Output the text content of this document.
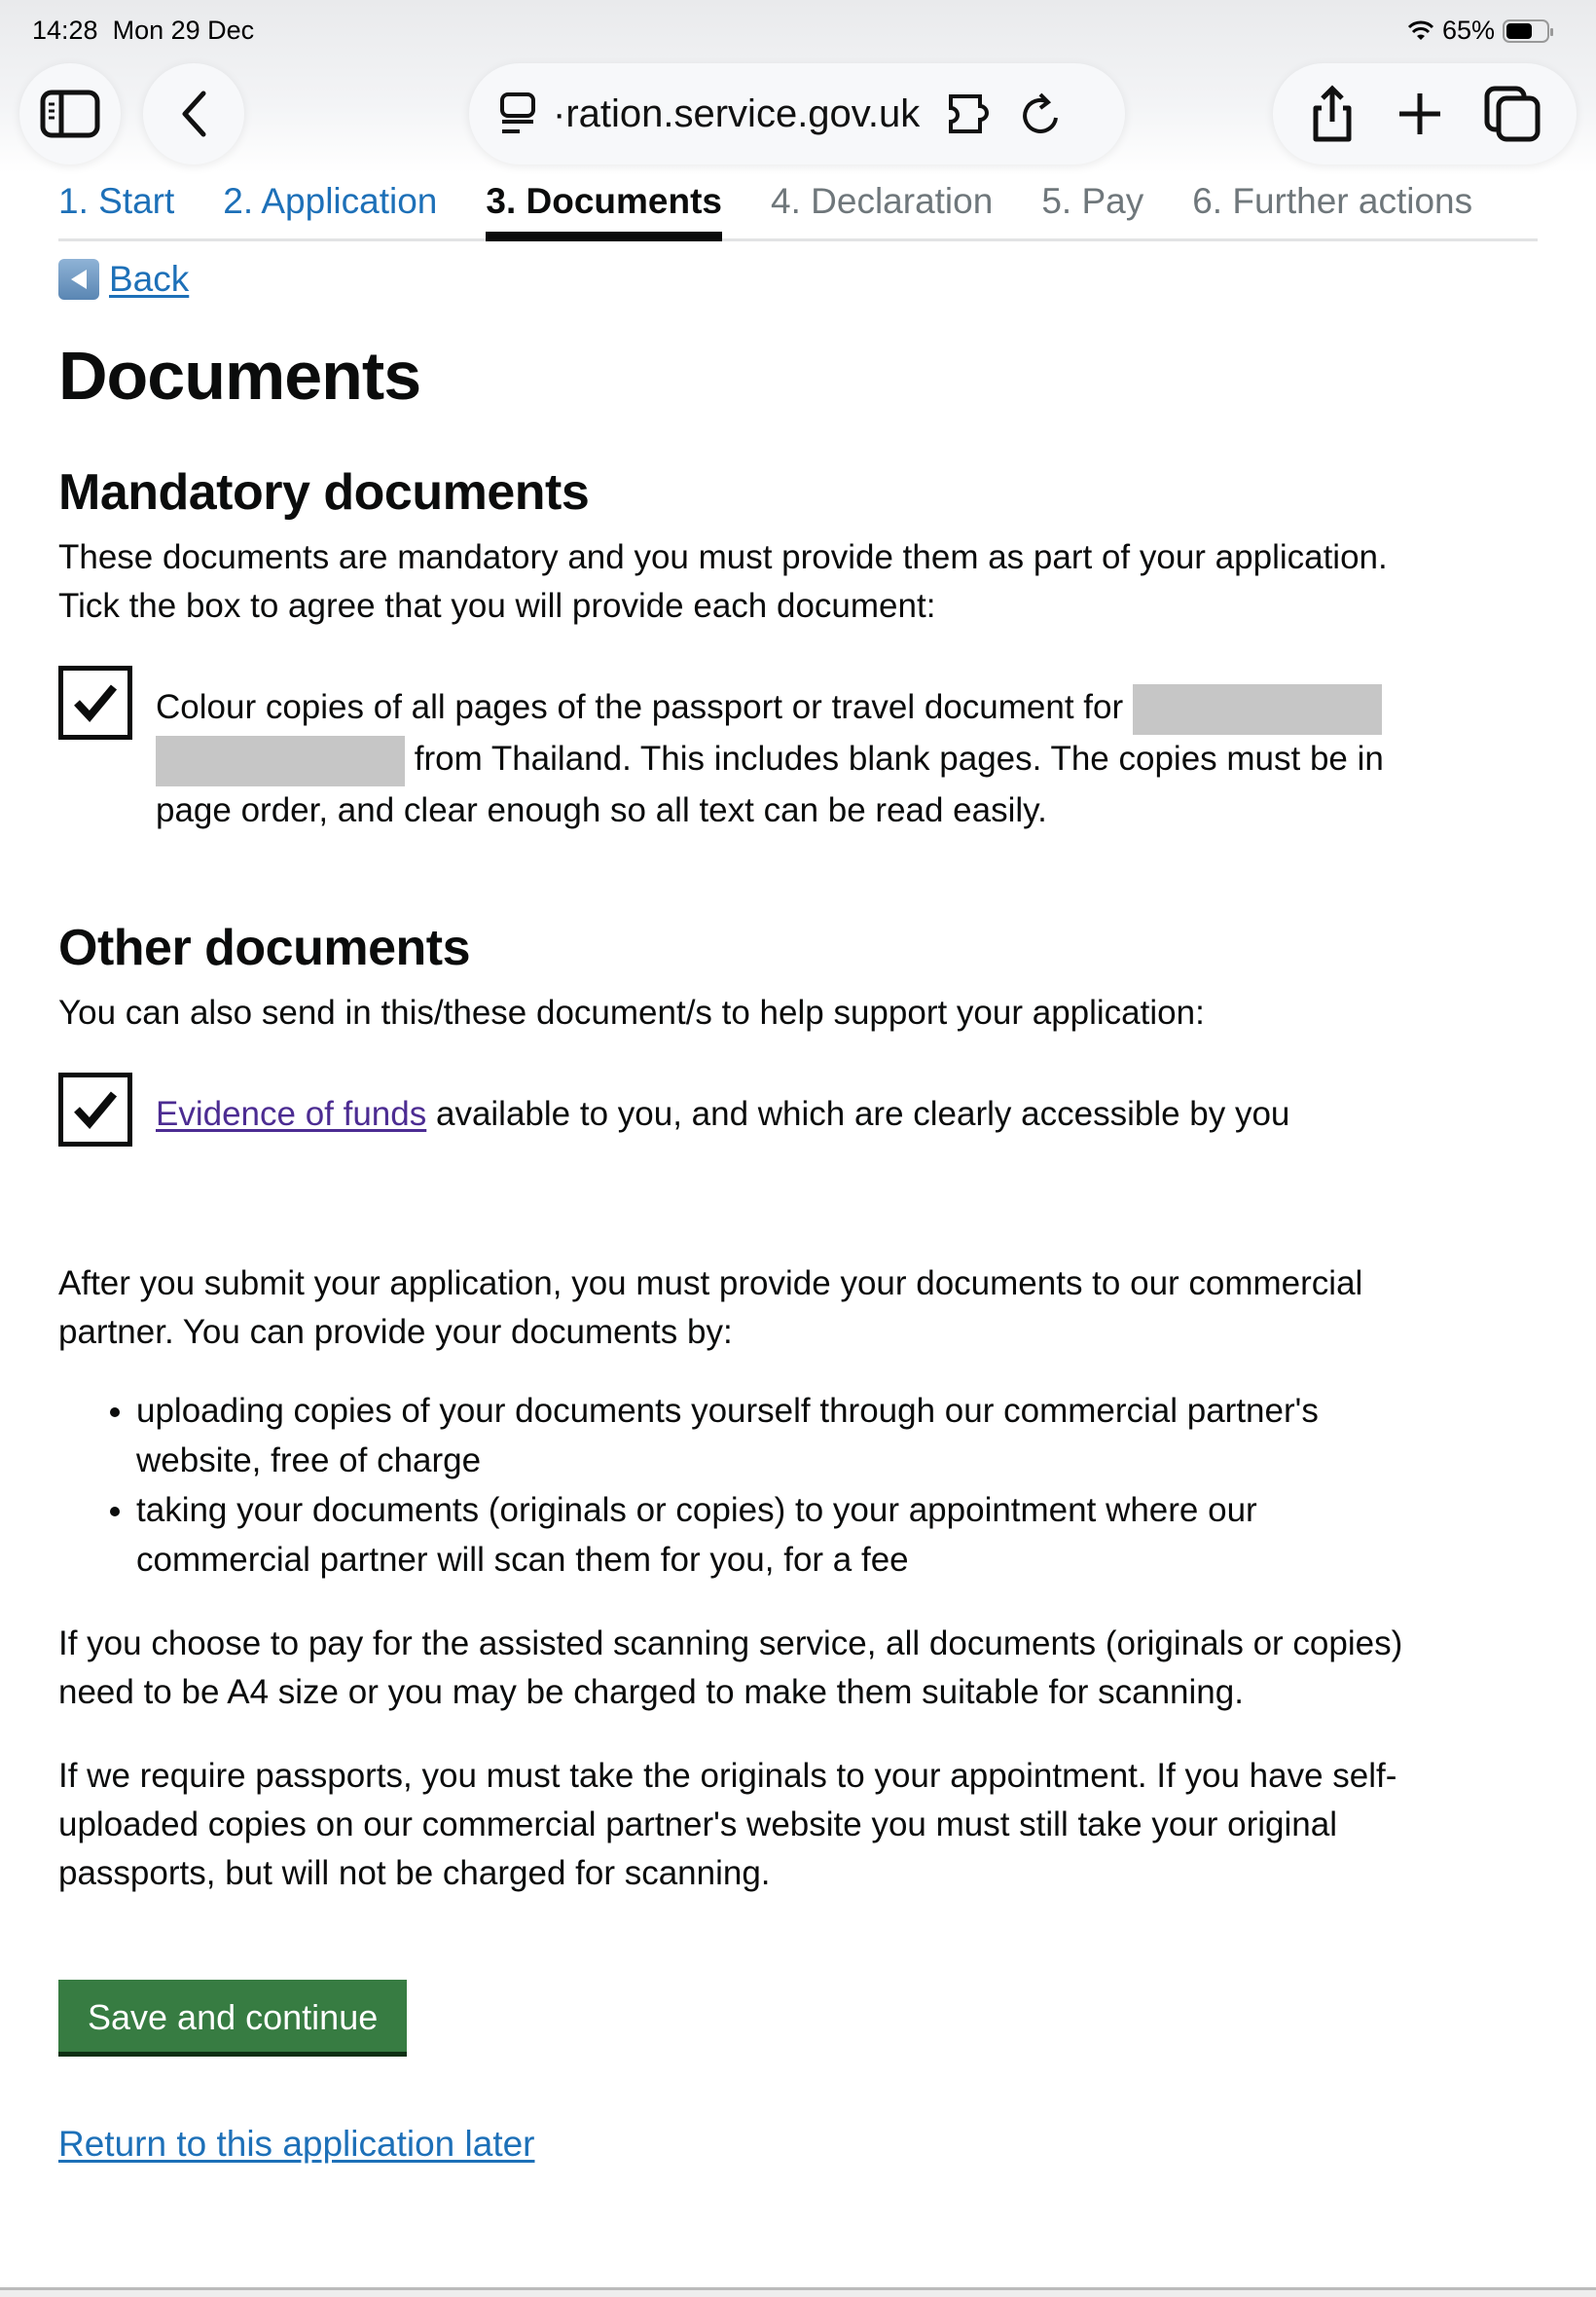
14:28 Mon 29 Dec	65%
·ration.service.gov.uk
1. Start 2. Application 3. Documents 4. Declaration 5. Pay 6. Further actions
Back
Documents
Mandatory documents

These documents are mandatory and you must provide them as part of your application. Tick the box to agree that you will provide each document:

Colour copies of all pages of the passport or travel document for   from Thailand. This includes blank pages. The copies must be in page order, and clear enough so all text can be read easily.
Other documents

You can also send in this/these document/s to help support your application:

Evidence of funds available to you, and which are clearly accessible by you

After you submit your application, you must provide your documents to our commercial partner. You can provide your documents by:

• uploading copies of your documents yourself through our commercial partner's website, free of charge
• taking your documents (originals or copies) to your appointment where our commercial partner will scan them for you, for a fee

If you choose to pay for the assisted scanning service, all documents (originals or copies) need to be A4 size or you may be charged to make them suitable for scanning.

If we require passports, you must take the originals to your appointment. If you have self-uploaded copies on our commercial partner's website you must still take your original passports, but will not be charged for scanning.

Save and continue
Return to this application later
